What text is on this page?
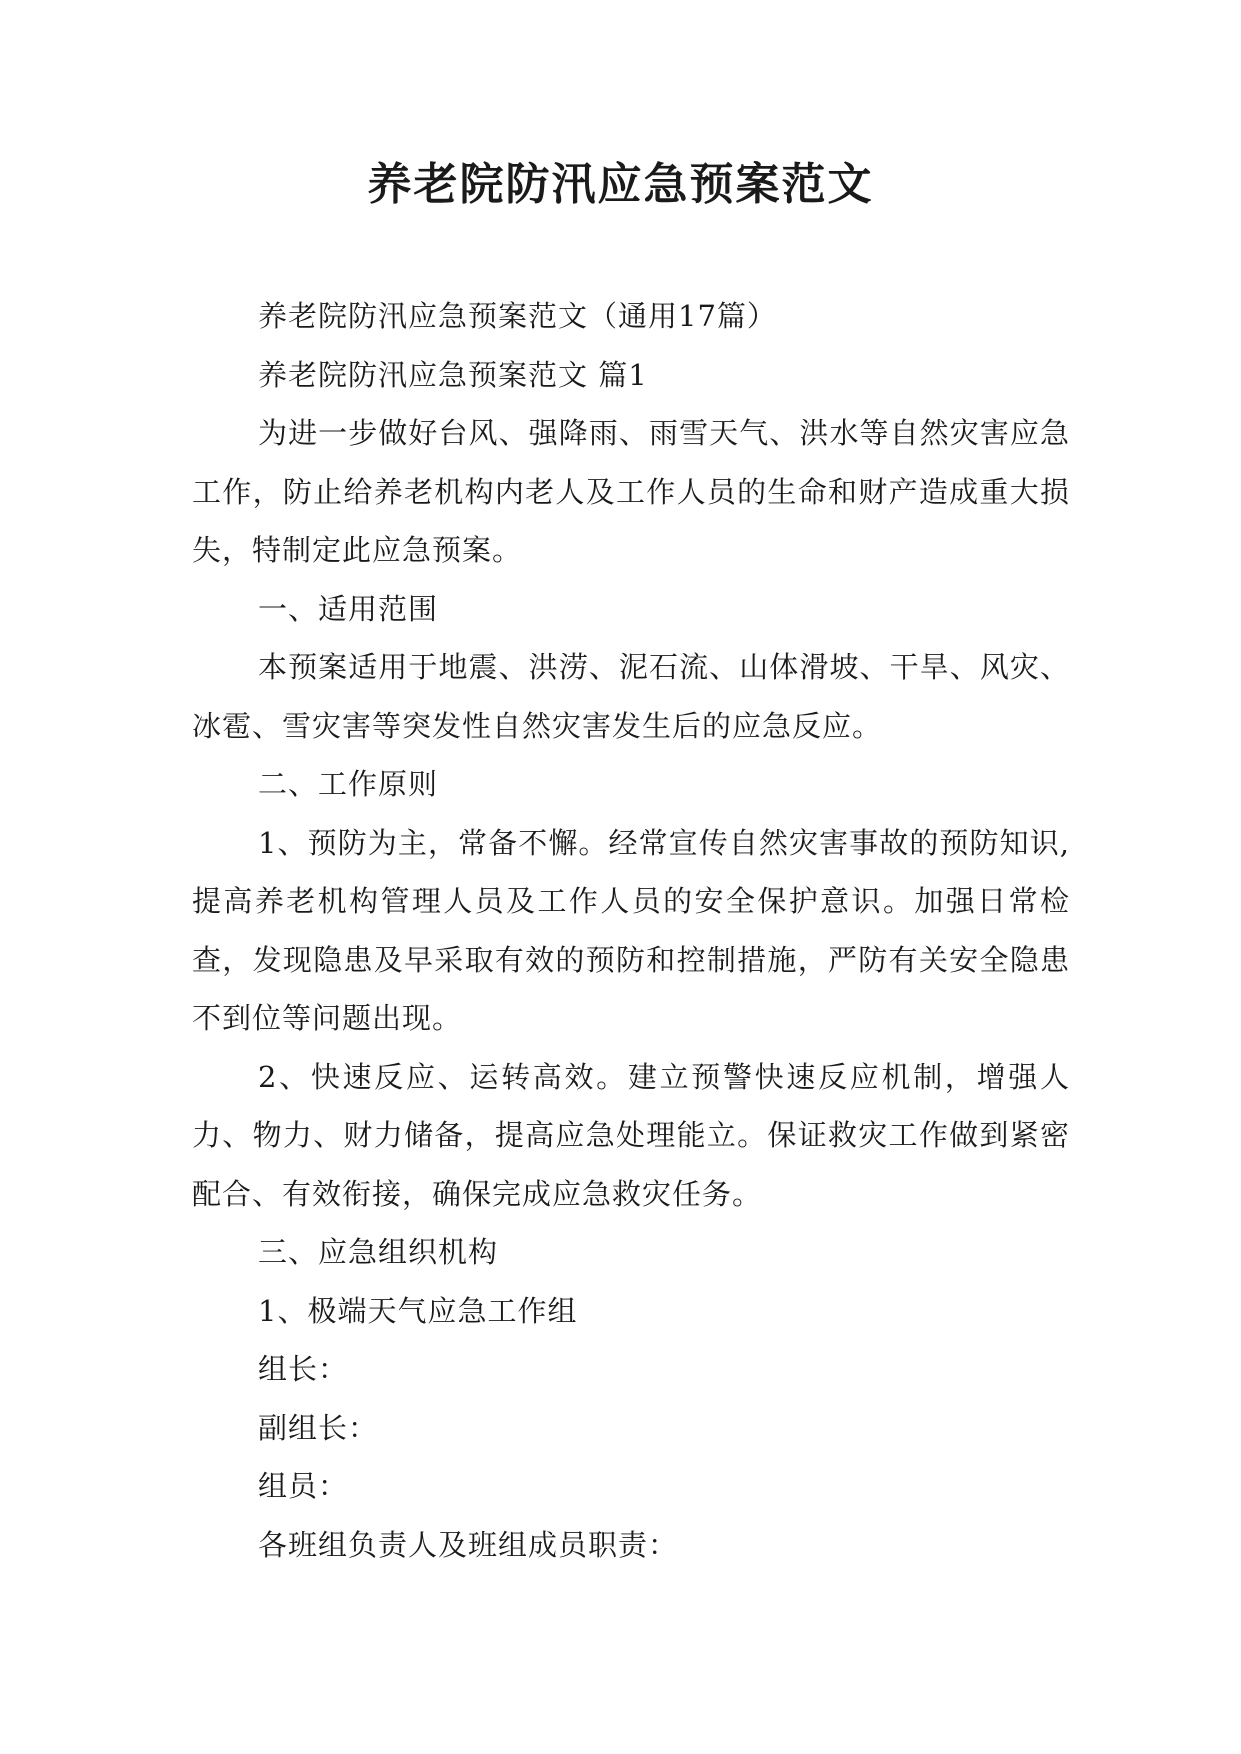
养老院防汛应急预案范文

养老院防汛应急预案范文（通用17篇）

养老院防汛应急预案范文 篇1

为进一步做好台风、强降雨、雨雪天气、洪水等自然灾害应急工作，防止给养老机构内老人及工作人员的生命和财产造成重大损失，特制定此应急预案。

一、适用范围

本预案适用于地震、洪涝、泥石流、山体滑坡、干旱、风灾、冰雹、雪灾害等突发性自然灾害发生后的应急反应。

二、工作原则

1、预防为主，常备不懈。经常宣传自然灾害事故的预防知识,提高养老机构管理人员及工作人员的安全保护意识。加强日常检查，发现隐患及早采取有效的预防和控制措施，严防有关安全隐患不到位等问题出现。

2、快速反应、运转高效。建立预警快速反应机制，增强人力、物力、财力储备，提高应急处理能立。保证救灾工作做到紧密配合、有效衔接，确保完成应急救灾任务。

三、应急组织机构

1、极端天气应急工作组

组长：

副组长：

组员：

各班组负责人及班组成员职责：
